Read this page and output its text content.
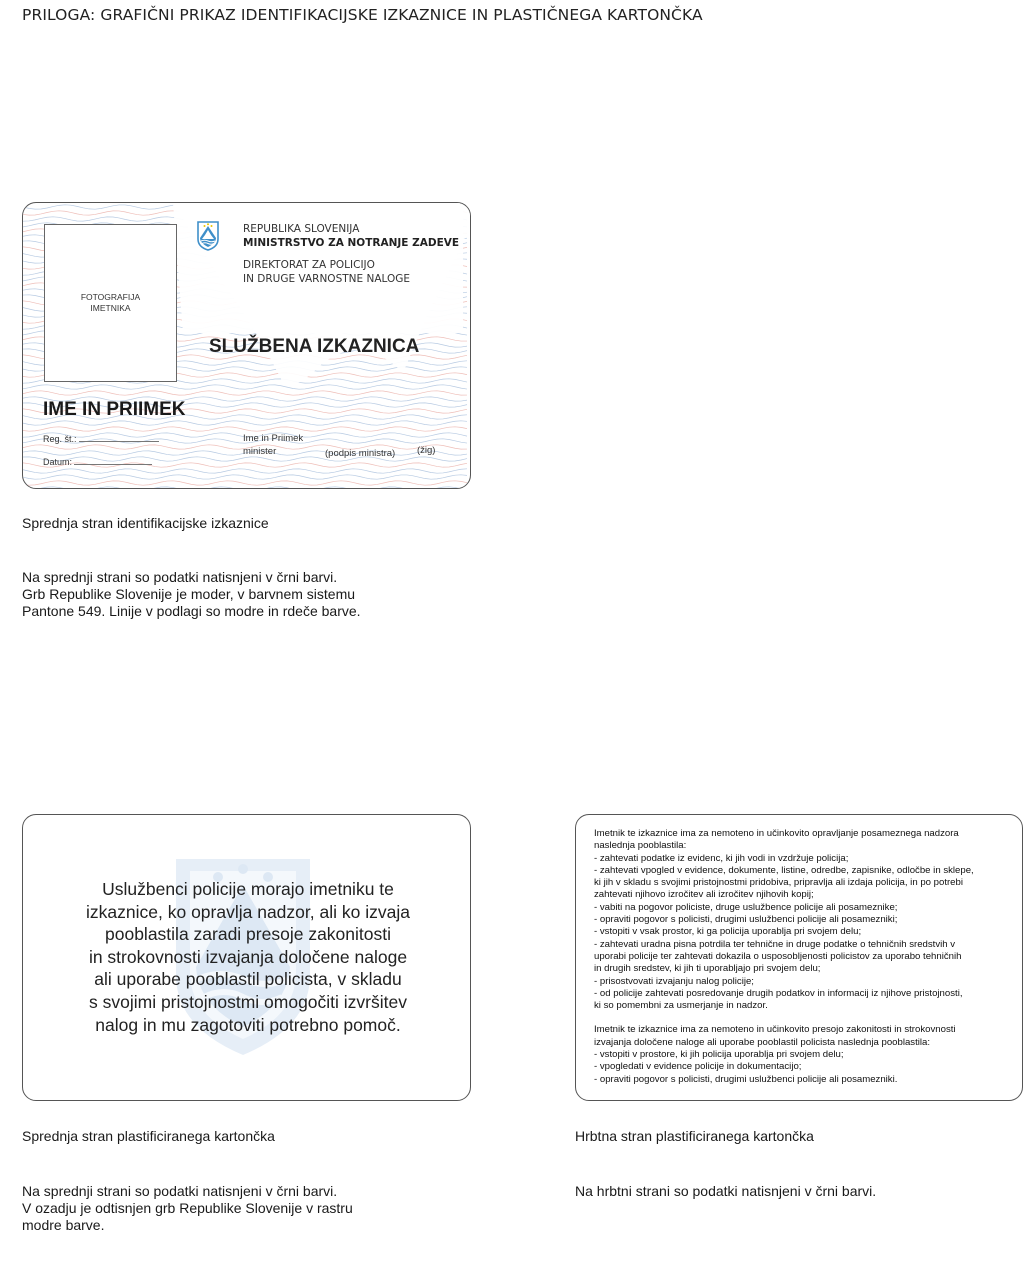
PRILOGA: GRAFIČNI PRIKAZ IDENTIFIKACIJSKE IZKAZNICE IN PLASTIČNEGA KARTONČKA
FOTOGRAFIJA
IMETNIKA
REPUBLIKA SLOVENIJA
MINISTRSTVO ZA NOTRANJE ZADEVE
DIREKTORAT ZA POLICIJO
IN DRUGE VARNOSTNE NALOGE
SLUŽBENA IZKAZNICA
IME IN PRIIMEK
Reg. št.:
Datum:
Ime in Priimek
minister	(podpis ministra) (žig)
Sprednja stran identifikacijske izkaznice
Na sprednji strani so podatki natisnjeni v črni barvi.
Grb Republike Slovenije je moder, v barvnem sistemu
Pantone 549. Linije v podlagi so modre in rdeče barve.
Uslužbenci policije morajo imetniku te
izkaznice, ko opravlja nadzor, ali ko izvaja
pooblastila zaradi presoje zakonitosti
in strokovnosti izvajanja določene naloge
ali uporabe pooblastil policista, v skladu
s svojimi pristojnostmi omogočiti izvršitev
nalog in mu zagotoviti potrebno pomoč.
Sprednja stran plastificiranega kartončka
Na sprednji strani so podatki natisnjeni v črni barvi.
V ozadju je odtisnjen grb Republike Slovenije v rastru
modre barve.

Imetnik te izkaznice ima za nemoteno in učinkovito opravljanje posameznega nadzora

naslednja pooblastila:

- zahtevati podatke iz evidenc, ki jih vodi in vzdržuje policija;

- zahtevati vpogled v evidence, dokumente, listine, odredbe, zapisnike, odločbe in sklepe,

ki jih v skladu s svojimi pristojnostmi pridobiva, pripravlja ali izdaja policija, in po potrebi

zahtevati njihovo izročitev ali izročitev njihovih kopij;

- vabiti na pogovor policiste, druge uslužbence policije ali posameznike;

- opraviti pogovor s policisti, drugimi uslužbenci policije ali posamezniki;

- vstopiti v vsak prostor, ki ga policija uporablja pri svojem delu;

- zahtevati uradna pisna potrdila ter tehnične in druge podatke o tehničnih sredstvih v

uporabi policije ter zahtevati dokazila o usposobljenosti policistov za uporabo tehničnih

in drugih sredstev, ki jih ti uporabljajo pri svojem delu;

- prisostvovati izvajanju nalog policije;

- od policije zahtevati posredovanje drugih podatkov in informacij iz njihove pristojnosti,

ki so pomembni za usmerjanje in nadzor.

Imetnik te izkaznice ima za nemoteno in učinkovito presojo zakonitosti in strokovnosti

izvajanja določene naloge ali uporabe pooblastil policista naslednja pooblastila:

- vstopiti v prostore, ki jih policija uporablja pri svojem delu;

- vpogledati v evidence policije in dokumentacijo;

- opraviti pogovor s policisti, drugimi uslužbenci policije ali posamezniki.

Hrbtna stran plastificiranega kartončka
Na hrbtni strani so podatki natisnjeni v črni barvi.
